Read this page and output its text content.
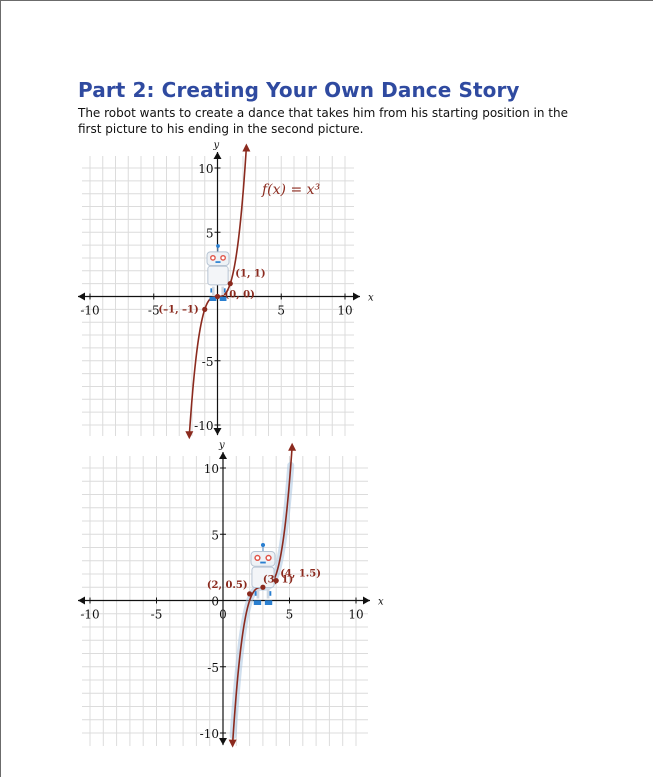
Part 2: Creating Your Own Dance Story

The robot wants to create a dance that takes him from his starting position in the first picture to his ending in the second picture.

x
y
-10	-5	5	10
10
5
-5
-10
f(x) = x³
(1, 1)
(–1, –1)
(0, 0)
x
y
-10	-5	0	5	10
10
5
0
-5
-10
(2, 0.5)
(4, 1.5)
(3, 1)
